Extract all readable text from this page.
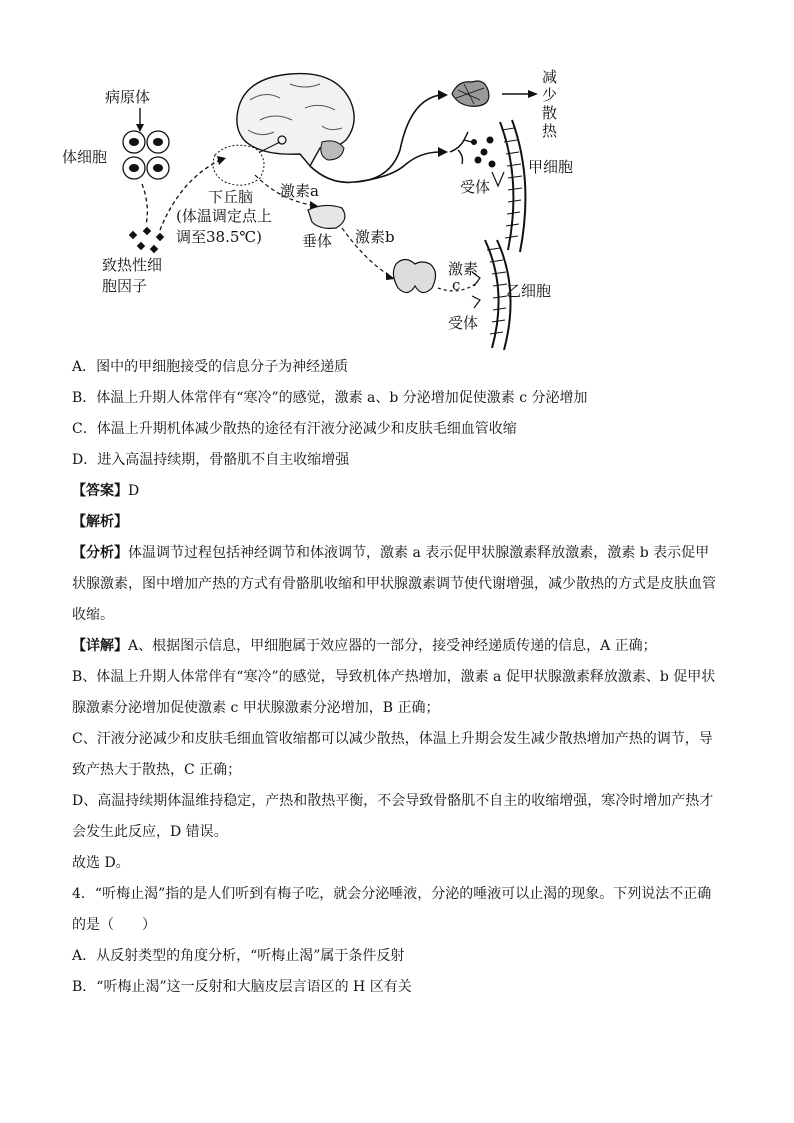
病原体
体细胞
致热性细
胞因子
下丘脑
(体温调定点上
调至38.5℃)
激素a
垂体 激素b
激素
c
减
少
散
热
甲细胞
受体
乙细胞
受体
A．图中的甲细胞接受的信息分子为神经递质
B．体温上升期人体常伴有“寒冷”的感觉，激素 a、b 分泌增加促使激素 c 分泌增加
C．体温上升期机体减少散热的途径有汗液分泌减少和皮肤毛细血管收缩
D．进入高温持续期，骨骼肌不自主收缩增强
【答案】D
【解析】
【分析】体温调节过程包括神经调节和体液调节，激素 a 表示促甲状腺激素释放激素，激素 b 表示促甲状腺激素，图中增加产热的方式有骨骼肌收缩和甲状腺激素调节使代谢增强，减少散热的方式是皮肤血管收缩。
【详解】A、根据图示信息，甲细胞属于效应器的一部分，接受神经递质传递的信息，A 正确；
B、体温上升期人体常伴有“寒冷”的感觉，导致机体产热增加，激素 a 促甲状腺激素释放激素、b 促甲状腺激素分泌增加促使激素 c 甲状腺激素分泌增加，B 正确；
C、汗液分泌减少和皮肤毛细血管收缩都可以减少散热，体温上升期会发生减少散热增加产热的调节，导致产热大于散热，C 正确；
D、高温持续期体温维持稳定，产热和散热平衡，不会导致骨骼肌不自主的收缩增强，寒冷时增加产热才会发生此反应，D 错误。
故选 D。
4．“听梅止渴”指的是人们听到有梅子吃，就会分泌唾液，分泌的唾液可以止渴的现象。下列说法不正确的是（　　）
A．从反射类型的角度分析，“听梅止渴”属于条件反射
B．“听梅止渴”这一反射和大脑皮层言语区的 H 区有关
